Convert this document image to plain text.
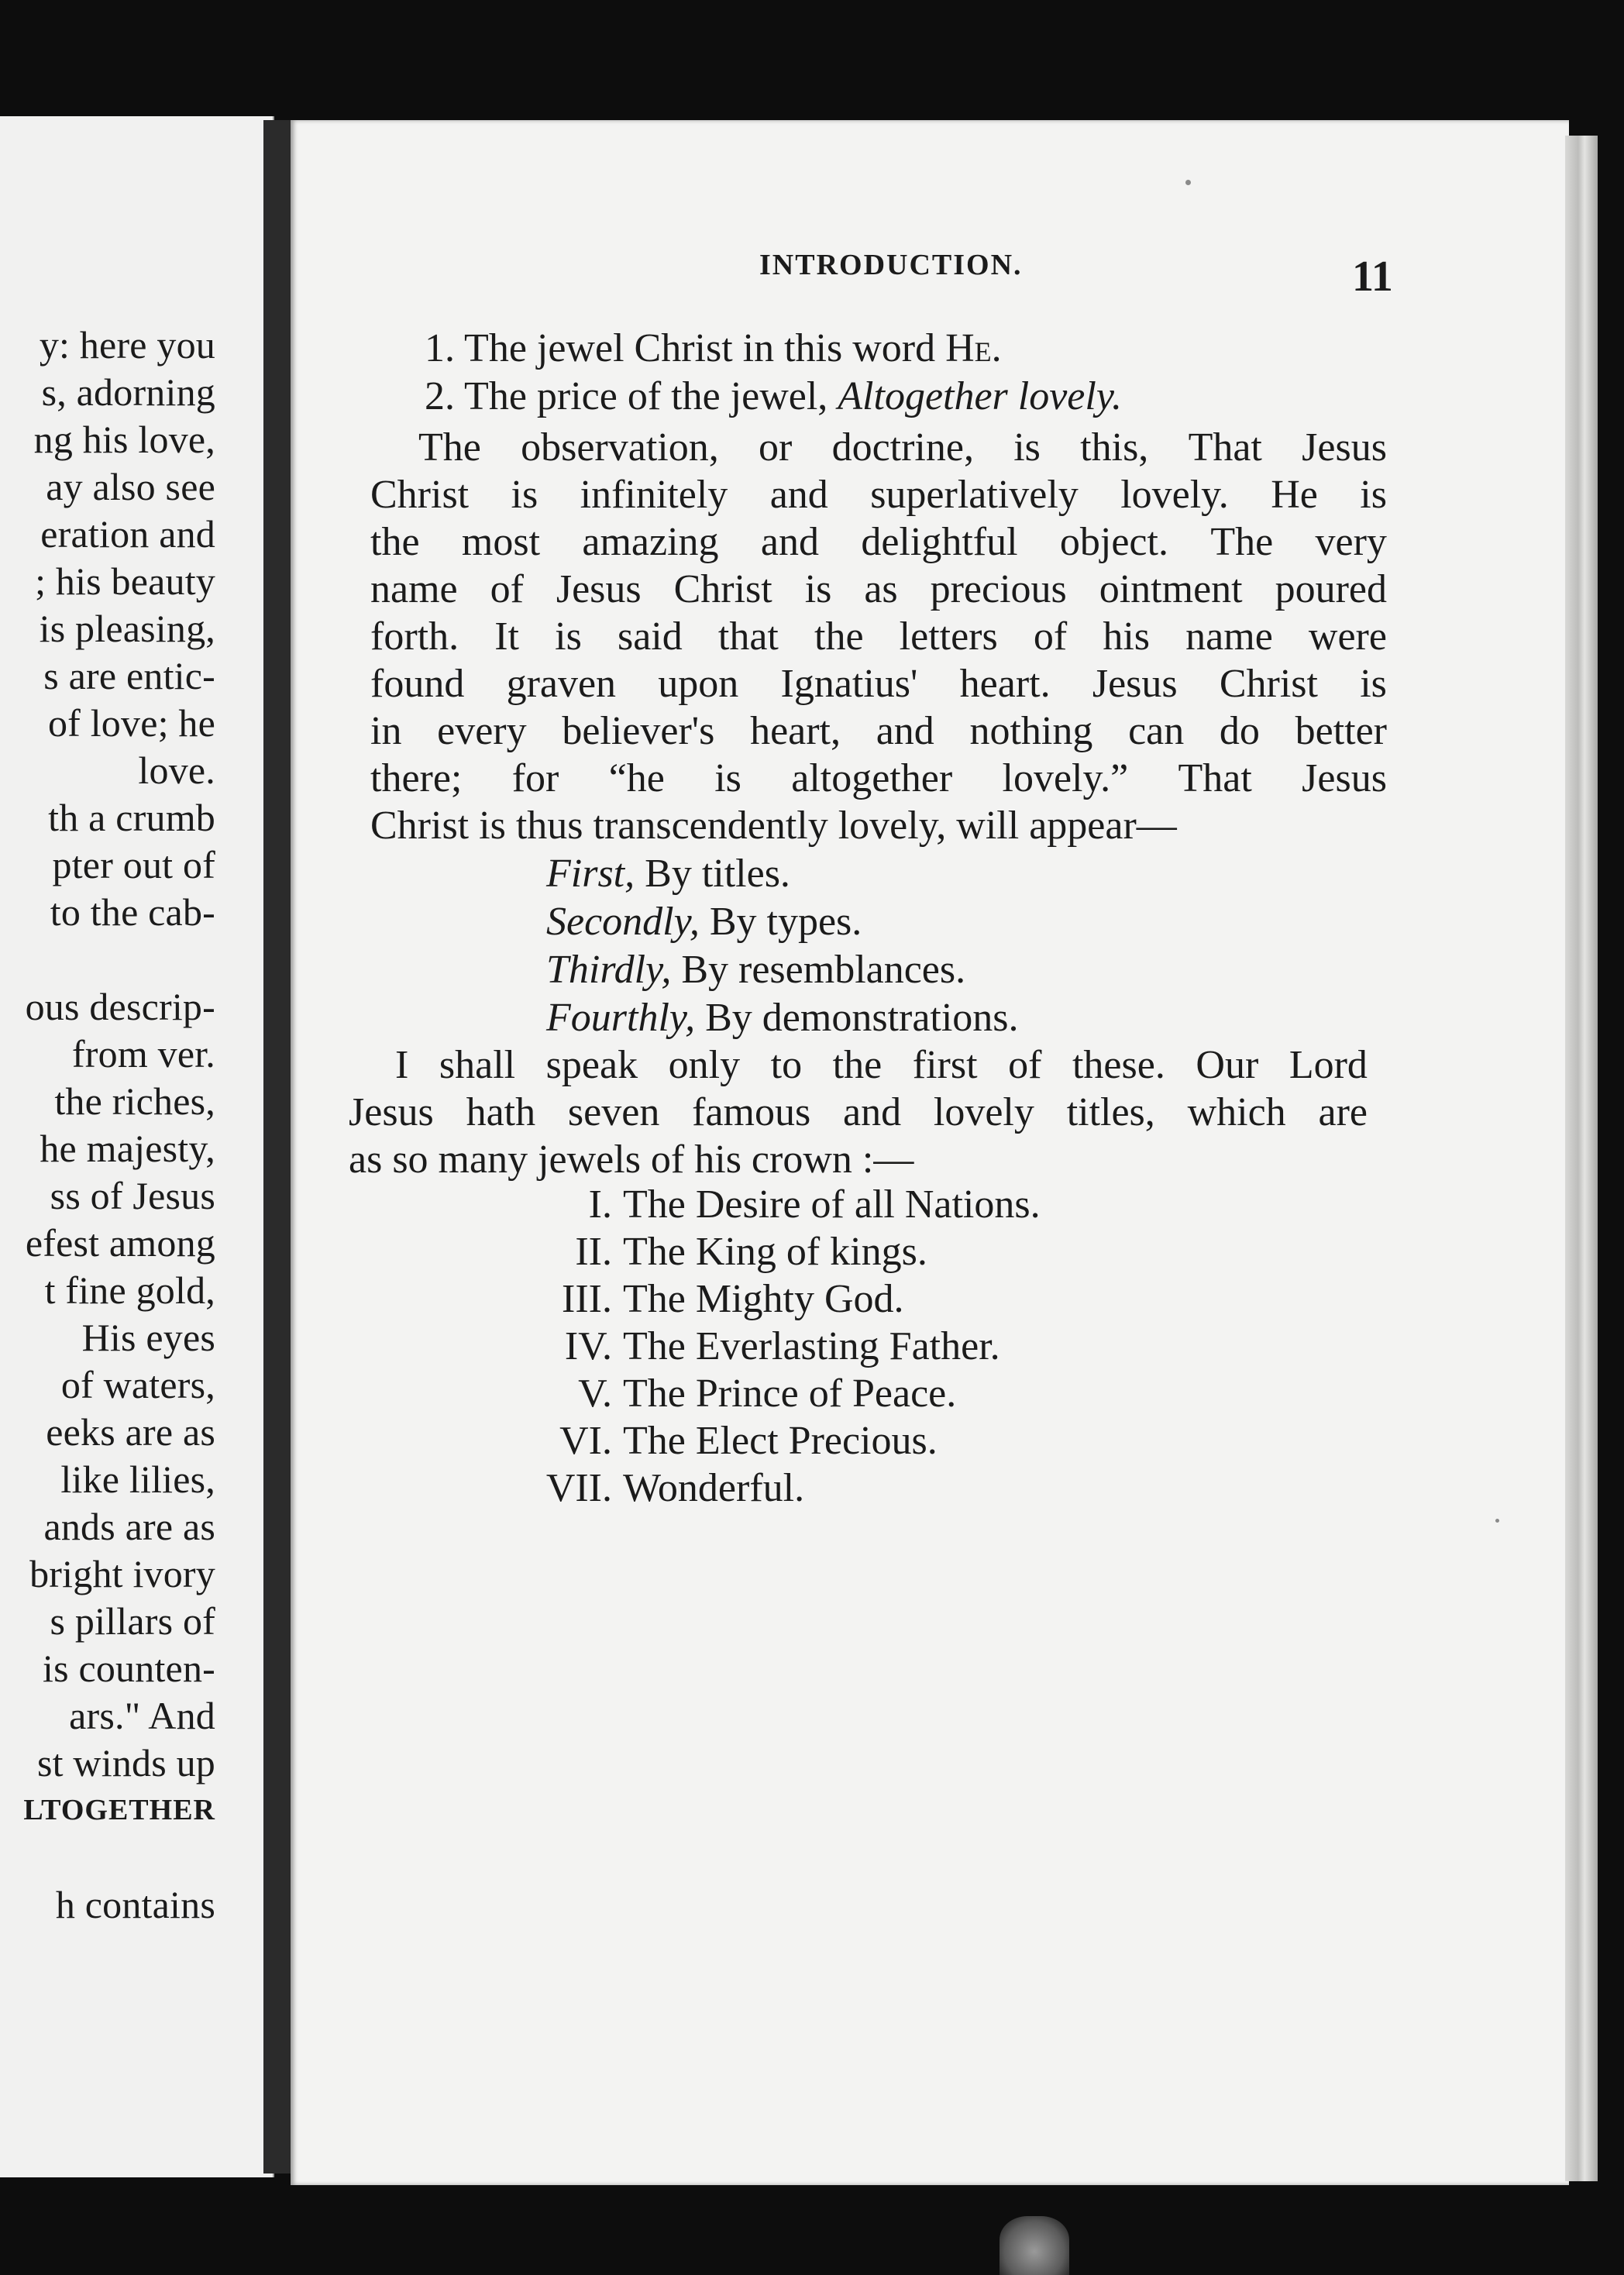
y: here you
s, adorning
ng his love,
ay also see
eration and
; his beauty
is pleasing,
s are entic-
of love; he
love.
th a crumb
pter out of
to the cab-
ous descrip-
from ver.
the riches,
he majesty,
ss of Jesus
efest among
t fine gold,
His eyes
of waters,
eeks are as
like lilies,
ands are as
bright ivory
s pillars of
is counten-
ars." And
st winds up
LTOGETHER
h contains
INTRODUCTION.	11
1. The jewel Christ in this word He.
2. The price of the jewel, Altogether lovely.
The observation, or doctrine, is this, That Jesus
Christ is infinitely and superlatively lovely. He is
the most amazing and delightful object. The very
name of Jesus Christ is as precious ointment poured
forth. It is said that the letters of his name were
found graven upon Ignatius' heart. Jesus Christ is
in every believer's heart, and nothing can do better
there; for “he is altogether lovely.” That Jesus
Christ is thus transcendently lovely, will appear—
First, By titles.
Secondly, By types.
Thirdly, By resemblances.
Fourthly, By demonstrations.
I shall speak only to the first of these. Our Lord
Jesus hath seven famous and lovely titles, which are
as so many jewels of his crown :—
I. The Desire of all Nations.
II. The King of kings.
III. The Mighty God.
IV. The Everlasting Father.
V. The Prince of Peace.
VI. The Elect Precious.
VII. Wonderful.
